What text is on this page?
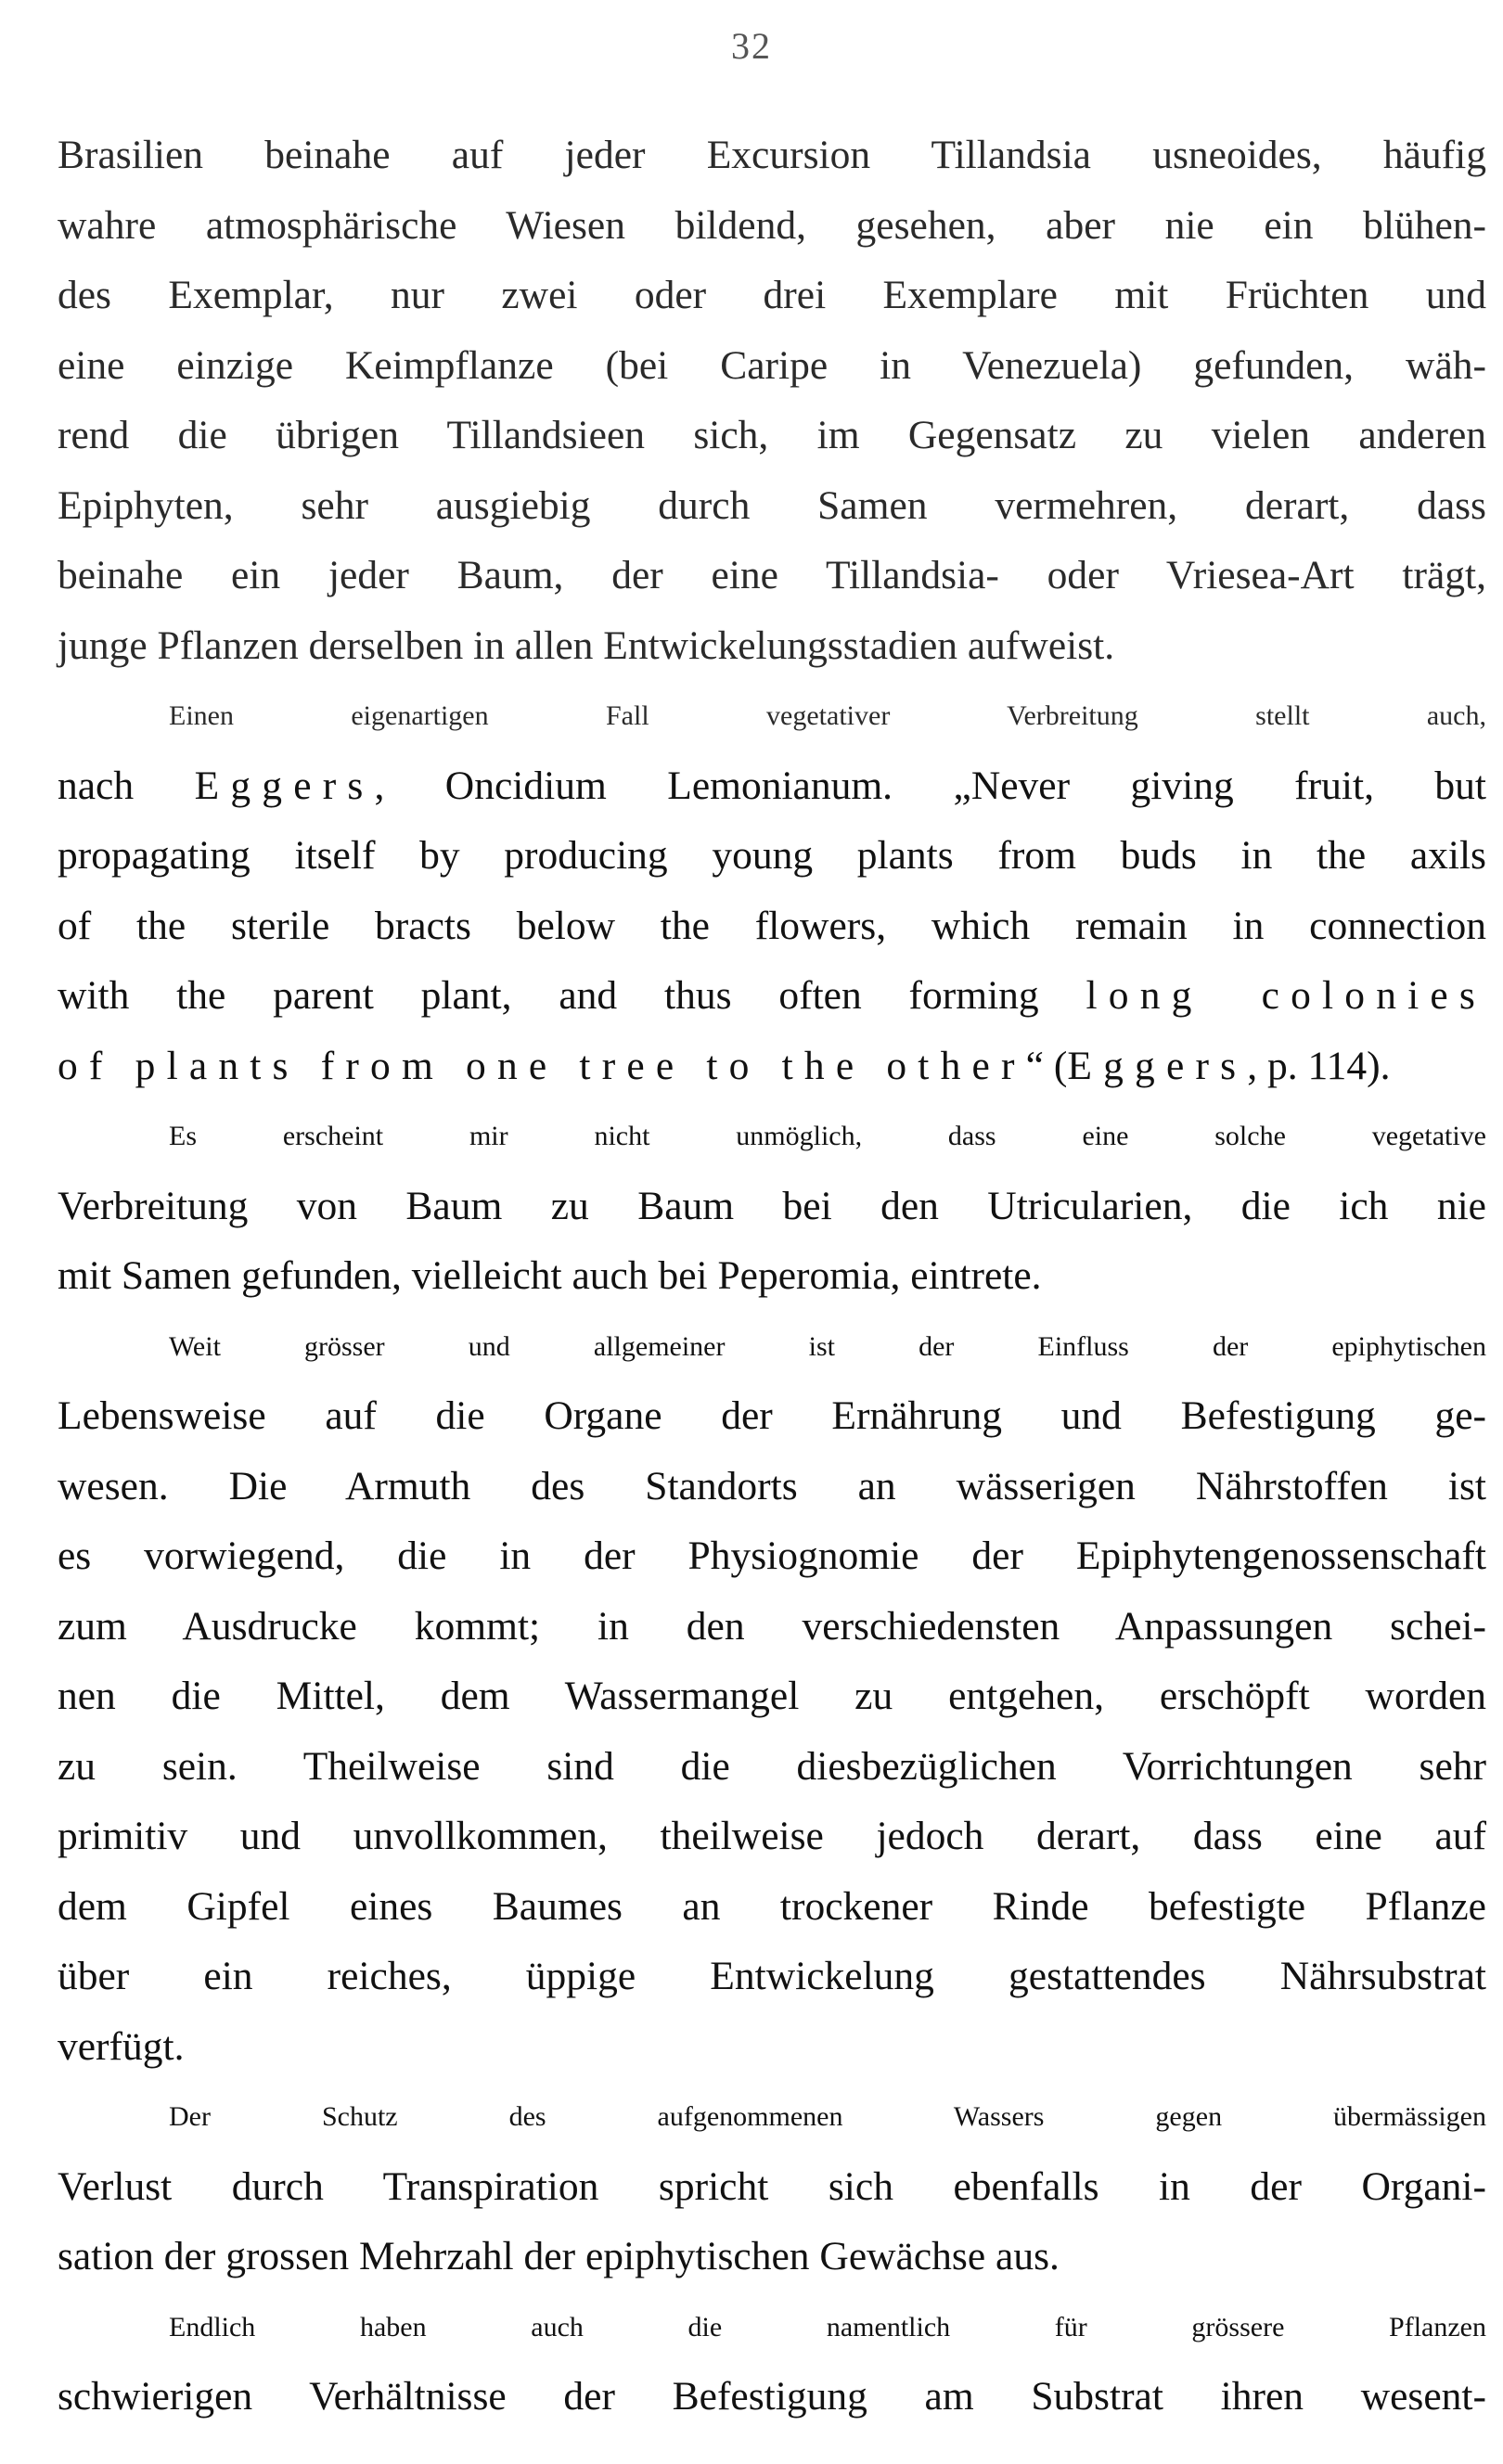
32
Brasilien beinahe auf jeder Excursion Tillandsia usneoides, häufig
wahre atmosphärische Wiesen bildend, gesehen, aber nie ein blühen-
des Exemplar, nur zwei oder drei Exemplare mit Früchten und
eine einzige Keimpflanze (bei Caripe in Venezuela) gefunden, wäh-
rend die übrigen Tillandsieen sich, im Gegensatz zu vielen anderen
Epiphyten, sehr ausgiebig durch Samen vermehren, derart, dass
beinahe ein jeder Baum, der eine Tillandsia- oder Vriesea-Art trägt,
junge Pflanzen derselben in allen Entwickelungsstadien aufweist.
Einen eigenartigen Fall vegetativer Verbreitung stellt auch,
nach Eggers, Oncidium Lemonianum. „Never giving fruit, but
propagating itself by producing young plants from buds in the axils
of the sterile bracts below the flowers, which remain in connection
with the parent plant, and thus often forming long colonies
of plants from one tree to the other“ (Eggers, p. 114).
Es erscheint mir nicht unmöglich, dass eine solche vegetative
Verbreitung von Baum zu Baum bei den Utricularien, die ich nie
mit Samen gefunden, vielleicht auch bei Peperomia, eintrete.
Weit grösser und allgemeiner ist der Einfluss der epiphytischen
Lebensweise auf die Organe der Ernährung und Befestigung ge-
wesen. Die Armuth des Standorts an wässerigen Nährstoffen ist
es vorwiegend, die in der Physiognomie der Epiphytengenossenschaft
zum Ausdrucke kommt; in den verschiedensten Anpassungen schei-
nen die Mittel, dem Wassermangel zu entgehen, erschöpft worden
zu sein. Theilweise sind die diesbezüglichen Vorrichtungen sehr
primitiv und unvollkommen, theilweise jedoch derart, dass eine auf
dem Gipfel eines Baumes an trockener Rinde befestigte Pflanze
über ein reiches, üppige Entwickelung gestattendes Nährsubstrat
verfügt.
Der Schutz des aufgenommenen Wassers gegen übermässigen
Verlust durch Transpiration spricht sich ebenfalls in der Organi-
sation der grossen Mehrzahl der epiphytischen Gewächse aus.
Endlich haben auch die namentlich für grössere Pflanzen
schwierigen Verhältnisse der Befestigung am Substrat ihren wesent-
